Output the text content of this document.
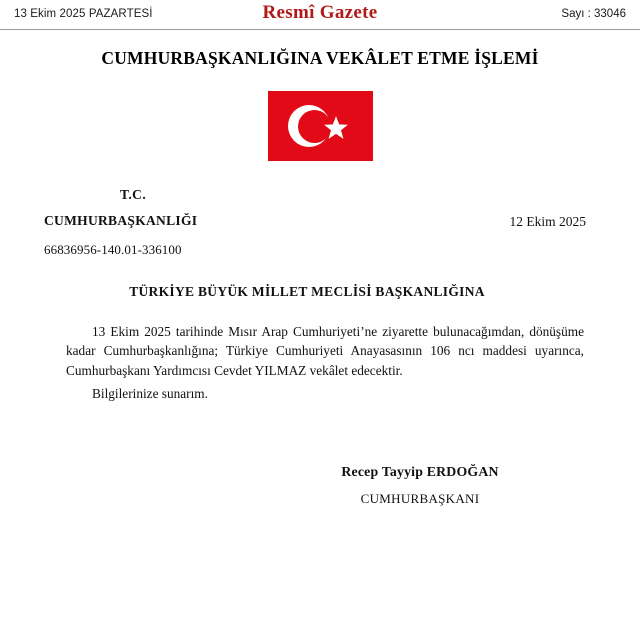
13 Ekim 2025 PAZARTESİ	Resmî Gazete	Sayı : 33046
CUMHURBAŞKANLIĞINA VEKÂLET ETME İŞLEMİ
T.C.
CUMHURBAŞKANLIĞI	12 Ekim 2025
66836956-140.01-336100
TÜRKİYE BÜYÜK MİLLET MECLİSİ BAŞKANLIĞINA

13 Ekim 2025 tarihinde Mısır Arap Cumhuriyeti’ne ziyarette bulunacağımdan, dönüşüme kadar Cumhurbaşkanlığına; Türkiye Cumhuriyeti Anayasasının 106 ncı maddesi uyarınca, Cumhurbaşkanı Yardımcısı Cevdet YILMAZ vekâlet edecektir.

Bilgilerinize sunarım.

Recep Tayyip ERDOĞAN
CUMHURBAŞKANI
